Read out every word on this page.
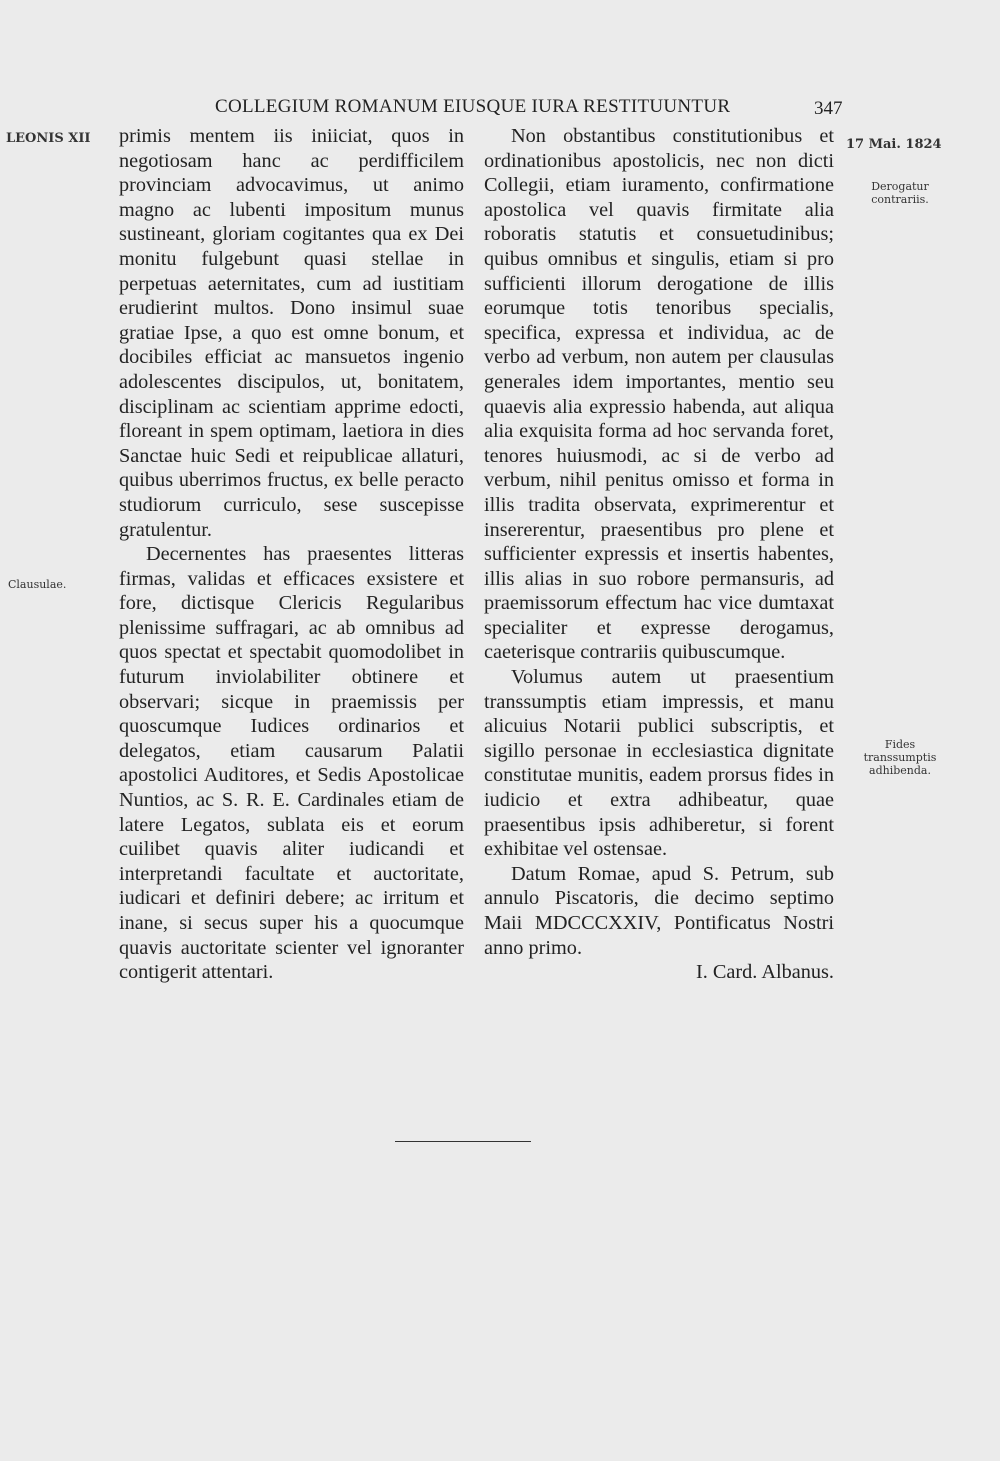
COLLEGIUM ROMANUM EIUSQUE IURA RESTITUUNTUR	347
LEONIS XII
Clausulae.
17 Mai. 1824
Derogatur contrariis.
Fides transsumptis adhibenda.

primis mentem iis iniiciat, quos in negotiosam hanc ac perdifficilem provinciam advocavimus, ut animo magno ac lubenti impositum munus sustineant, gloriam cogitantes qua ex Dei monitu fulgebunt quasi stellae in perpetuas aeternitates, cum ad iustitiam erudierint multos. Dono insimul suae gratiae Ipse, a quo est omne bonum, et docibiles efficiat ac mansuetos ingenio adolescentes discipulos, ut, bonitatem, disciplinam ac scientiam apprime edocti, floreant in spem optimam, laetiora in dies Sanctae huic Sedi et reipublicae allaturi, quibus uberrimos fructus, ex belle peracto studiorum curriculo, sese suscepisse gratulentur.

Decernentes has praesentes litteras firmas, validas et efficaces exsistere et fore, dictisque Clericis Regularibus plenissime suffragari, ac ab omnibus ad quos spectat et spectabit quomodolibet in futurum inviolabiliter obtinere et observari; sicque in praemissis per quoscumque Iudices ordinarios et delegatos, etiam causarum Palatii apostolici Auditores, et Sedis Apostolicae Nuntios, ac S. R. E. Cardinales etiam de latere Legatos, sublata eis et eorum cuilibet quavis aliter iudicandi et interpretandi facultate et auctoritate, iudicari et definiri debere; ac irritum et inane, si secus super his a quocumque quavis auctoritate scienter vel ignoranter contigerit attentari.

Non obstantibus constitutionibus et ordinationibus apostolicis, nec non dicti Collegii, etiam iuramento, confirmatione apostolica vel quavis firmitate alia roboratis statutis et consuetudinibus; quibus omnibus et singulis, etiam si pro sufficienti illorum derogatione de illis eorumque totis tenoribus specialis, specifica, expressa et individua, ac de verbo ad verbum, non autem per clausulas generales idem importantes, mentio seu quaevis alia expressio habenda, aut aliqua alia exquisita forma ad hoc servanda foret, tenores huiusmodi, ac si de verbo ad verbum, nihil penitus omisso et forma in illis tradita observata, exprimerentur et insererentur, praesentibus pro plene et sufficienter expressis et insertis habentes, illis alias in suo robore permansuris, ad praemissorum effectum hac vice dumtaxat specialiter et expresse derogamus, caeterisque contrariis quibuscumque.

Volumus autem ut praesentium transsumptis etiam impressis, et manu alicuius Notarii publici subscriptis, et sigillo personae in ecclesiastica dignitate constitutae munitis, eadem prorsus fides in iudicio et extra adhibeatur, quae praesentibus ipsis adhiberetur, si forent exhibitae vel ostensae.

Datum Romae, apud S. Petrum, sub annulo Piscatoris, die decimo septimo Maii MDCCCXXIV, Pontificatus Nostri anno primo.

I. Card. Albanus.
